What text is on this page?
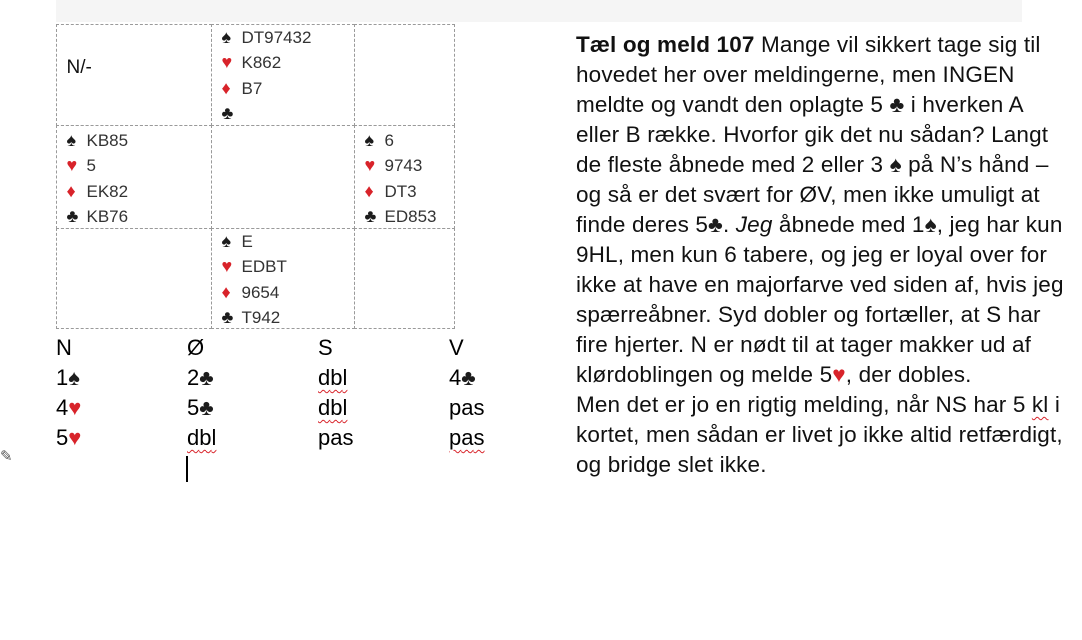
N/-
♠ DT97432
♥ K862
♦ B7
♣
♠ KB85
♥ 5
♦ EK82
♣ KB76
♠ 6
♥ 9743
♦ DT3
♣ ED853
♠ E
♥ EDBT
♦ 9654
♣ T942
N	Ø	S	V
1♠	2♣	dbl	4♣
4♥	5♣	dbl	pas
5♥	dbl	pas	pas
✎

Tæl og meld 107 Mange vil sikkert tage sig til hovedet her over meldingerne, men INGEN meldte og vandt den oplagte 5 ♣ i hverken A eller B række. Hvorfor gik det nu sådan? Langt de fleste åbnede med 2 eller 3 ♠ på N’s hånd – og så er det svært for ØV, men ikke umuligt at finde deres 5♣. Jeg åbnede med 1♠, jeg har kun 9HL, men kun 6 tabere, og jeg er loyal over for ikke at have en majorfarve ved siden af, hvis jeg spærreåbner. Syd dobler og fortæller, at S har fire hjerter. N er nødt til at tager makker ud af klørdoblingen og melde 5♥, der dobles.

Men det er jo en rigtig melding, når NS har 5 kl i kortet, men sådan er livet jo ikke altid retfærdigt, og bridge slet ikke.
